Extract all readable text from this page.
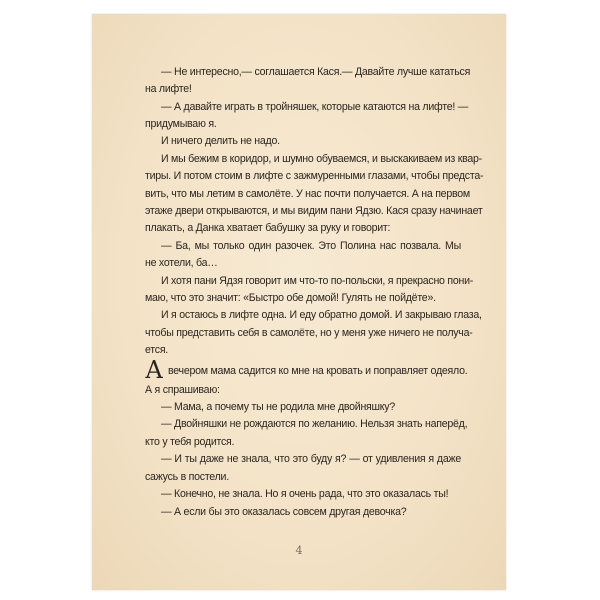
— Не интересно,— соглашается Кася.— Давайте лучше кататься
на лифте!
— А давайте играть в тройняшек, которые катаются на лифте! —
придумываю я.
И ничего делить не надо.
И мы бежим в коридор, и шумно обуваемся, и выскакиваем из квар-
тиры. И потом стоим в лифте с зажмуренными глазами, чтобы предста-
вить, что мы летим в самолёте. У нас почти получается. А на первом
этаже двери открываются, и мы видим пани Ядзю. Кася сразу начинает
плакать, а Данка хватает бабушку за руку и говорит:
— Ба, мы только один разочек. Это Полина нас позвала. Мы
не хотели, ба…
И хотя пани Ядзя говорит им что-то по-польски, я прекрасно пони-
маю, что это значит: «Быстро обе домой! Гулять не пойдёте».
И я остаюсь в лифте одна. И еду обратно домой. И закрываю глаза,
чтобы представить себя в самолёте, но у меня уже ничего не получа-
ется.
А вечером мама садится ко мне на кровать и поправляет одеяло.
А я спрашиваю:
— Мама, а почему ты не родила мне двойняшку?
— Двойняшки не рождаются по желанию. Нельзя знать наперёд,
кто у тебя родится.
— И ты даже не знала, что это буду я? — от удивления я даже
сажусь в постели.
— Конечно, не знала. Но я очень рада, что это оказалась ты!
— А если бы это оказалась совсем другая девочка?
4
